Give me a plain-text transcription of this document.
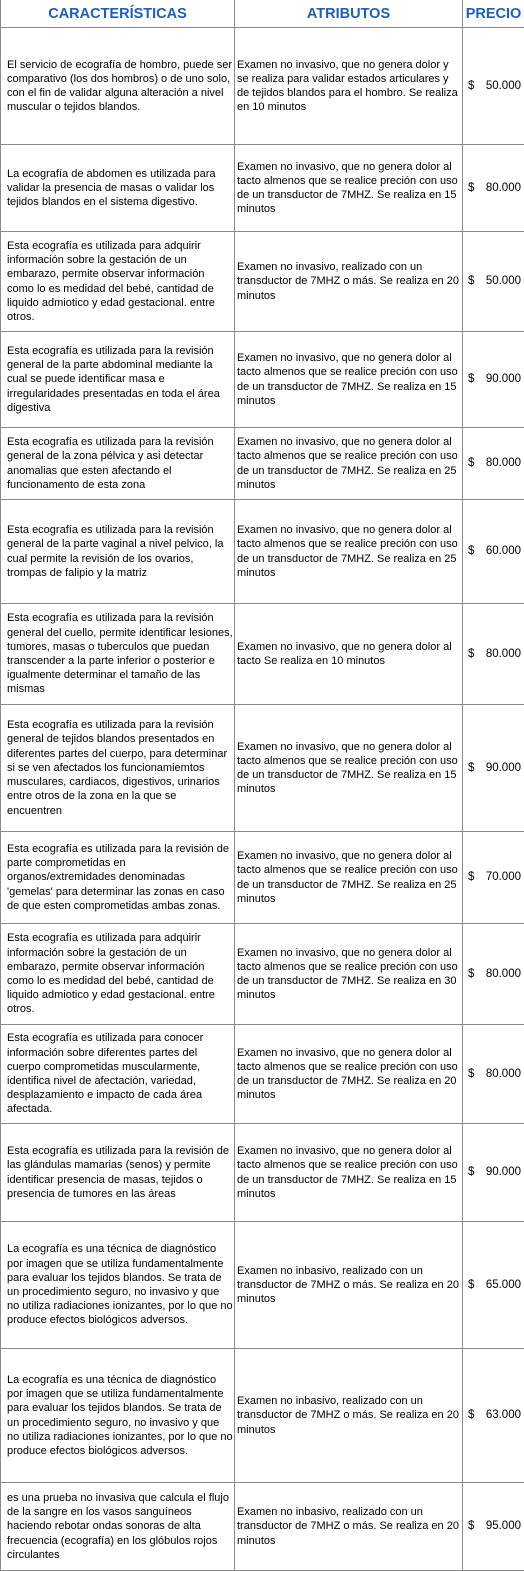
CARACTERÍSTICAS	ATRIBUTOS	PRECIO
El servicio de ecografía de hombro, puede ser comparativo (los dos hombros) o de uno solo, con el fin de validar alguna alteración a nivel muscular o tejidos blandos.	Examen no invasivo, que no genera dolor y se realiza para validar estados articulares y de tejidos blandos para el hombro. Se realiza en 10 minutos	$ 50.000

La ecografía de abdomen es utilizada para validar la presencia de masas o validar los tejidos blandos en el sistema digestivo.	Examen no invasivo, que no genera dolor al tacto almenos que se realice preción con uso de un transductor de 7MHZ. Se realiza en 15 minutos	$ 80.000

Esta ecografía es utilizada para adquirir información sobre la gestación de un embarazo, permite observar información como lo es medidad del bebé, cantidad de liquido admiotico y edad gestacional. entre otros.	Examen no invasivo, realizado con un transductor de 7MHZ o más. Se realiza en 20 minutos	$ 50.000

Esta ecografía es utilizada para la revisión general de la parte abdominal mediante la cual se puede identificar masa e irregularidades presentadas en toda el área digestiva	Examen no invasivo, que no genera dolor al tacto almenos que se realice preción con uso de un transductor de 7MHZ. Se realiza en 15 minutos	$ 90.000

Esta ecografía es utilizada para la revisión general de la zona pélvica y asi detectar anomalias que esten afectando el funcionamento de esta zona	Examen no invasivo, que no genera dolor al tacto almenos que se realice preción con uso de un transductor de 7MHZ. Se realiza en 25 minutos	$ 80.000

Esta ecografía es utilizada para la revisión general de la parte vaginal a nivel pelvico, la cual permite la revisión de los ovarios, trompas de falipio y la matriz	Examen no invasivo, que no genera dolor al tacto almenos que se realice preción con uso de un transductor de 7MHZ. Se realiza en 25 minutos	$ 60.000

Esta ecografía es utilizada para la revisión general del cuello, permite identificar lesiones, tumores, masas o tuberculos que puedan transcender a la parte inferior o posterior e igualmente determinar el tamaño de las mismas	Examen no invasivo, que no genera dolor al tacto Se realiza en 10 minutos	$ 80.000

Esta ecografía es utilizada para la revisión general de tejidos blandos presentados en diferentes partes del cuerpo, para determinar si se ven afectados los funcionamiemtos musculares, cardiacos, digestivos, urinarios entre otros de la zona en la que se encuentren	Examen no invasivo, que no genera dolor al tacto almenos que se realice preción con uso de un transductor de 7MHZ. Se realiza en 15 minutos	$ 90.000

Esta ecografía es utilizada para la revisión de parte comprometidas en organos/extremidades denominadas 'gemelas' para determinar las zonas en caso de que esten comprometidas ambas zonas.	Examen no invasivo, que no genera dolor al tacto almenos que se realice preción con uso de un transductor de 7MHZ. Se realiza en 25 minutos	$ 70.000

Esta ecografía es utilizada para adquirir información sobre la gestación de un embarazo, permite observar información como lo es medidad del bebé, cantidad de liquido admiotico y edad gestacional. entre otros.	Examen no invasivo, que no genera dolor al tacto almenos que se realice preción con uso de un transductor de 7MHZ. Se realiza en 30 minutos	$ 80.000

Esta ecografía es utilizada para conocer información sobre diferentes partes del cuerpo comprometidas muscularmente, identifica nivel de afectación, variedad, desplazamiento e impacto de cada área afectada.	Examen no invasivo, que no genera dolor al tacto almenos que se realice preción con uso de un transductor de 7MHZ. Se realiza en 20 minutos	$ 80.000

Esta ecografía es utilizada para la revisión de las glándulas mamarias (senos) y permite identificar presencia de masas, tejidos o presencia de tumores en las áreas	Examen no invasivo, que no genera dolor al tacto almenos que se realice preción con uso de un transductor de 7MHZ. Se realiza en 15 minutos	$ 90.000

La ecografía es una técnica de diagnóstico por imagen que se utiliza fundamentalmente para evaluar los tejidos blandos. Se trata de un procedimiento seguro, no invasivo y que no utiliza radiaciones ionizantes, por lo que no produce efectos biológicos adversos.	Examen no inbasivo, realizado con un transductor de 7MHZ o más. Se realiza en 20 minutos	$ 65.000

La ecografía es una técnica de diagnóstico por imagen que se utiliza fundamentalmente para evaluar los tejidos blandos. Se trata de un procedimiento seguro, no invasivo y que no utiliza radiaciones ionizantes, por lo que no produce efectos biológicos adversos.	Examen no inbasivo, realizado con un transductor de 7MHZ o más. Se realiza en 20 minutos	$ 63.000

es una prueba no invasiva que calcula el flujo de la sangre en los vasos sanguíneos haciendo rebotar ondas sonoras de alta frecuencia (ecografía) en los glóbulos rojos circulantes	Examen no inbasivo, realizado con un transductor de 7MHZ o más. Se realiza en 20 minutos	$ 95.000
